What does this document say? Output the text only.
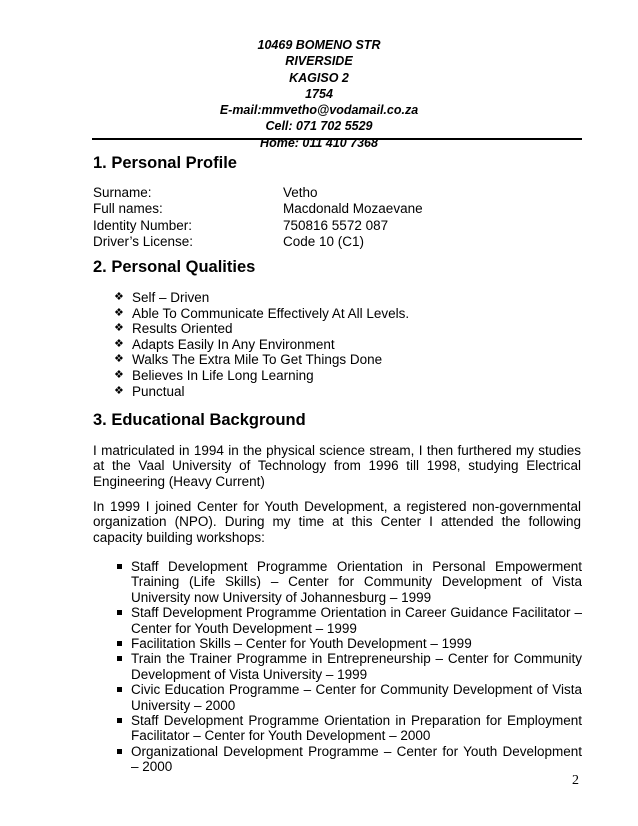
10469 BOMENO STR
RIVERSIDE
KAGISO 2
1754
E-mail:mmvetho@vodamail.co.za
Cell: 071 702 5529
Home: 011 410 7368
1. Personal Profile
Surname:	Vetho
Full names:	Macdonald Mozaevane
Identity Number:	750816 5572 087
Driver’s License:	Code 10 (C1)
2. Personal Qualities
❖ Self – Driven
❖ Able To Communicate Effectively At All Levels.
❖ Results Oriented
❖ Adapts Easily In Any Environment
❖ Walks The Extra Mile To Get Things Done
❖ Believes In Life Long Learning
❖ Punctual
3. Educational Background

I matriculated in 1994 in the physical science stream, I then furthered my studies at the Vaal University of Technology from 1996 till 1998, studying Electrical Engineering (Heavy Current)

In 1999 I joined Center for Youth Development, a registered non-governmental organization (NPO). During my time at this Center I attended the following capacity building workshops:

Staff Development Programme Orientation in Personal Empowerment Training (Life Skills) – Center for Community Development of Vista University now University of Johannesburg – 1999
Staff Development Programme Orientation in Career Guidance Facilitator – Center for Youth Development – 1999
Facilitation Skills – Center for Youth Development – 1999
Train the Trainer Programme in Entrepreneurship – Center for Community Development of Vista University – 1999
Civic Education Programme – Center for Community Development of Vista University – 2000
Staff Development Programme Orientation in Preparation for Employment Facilitator – Center for Youth Development – 2000
Organizational Development Programme – Center for Youth Development – 2000
2
